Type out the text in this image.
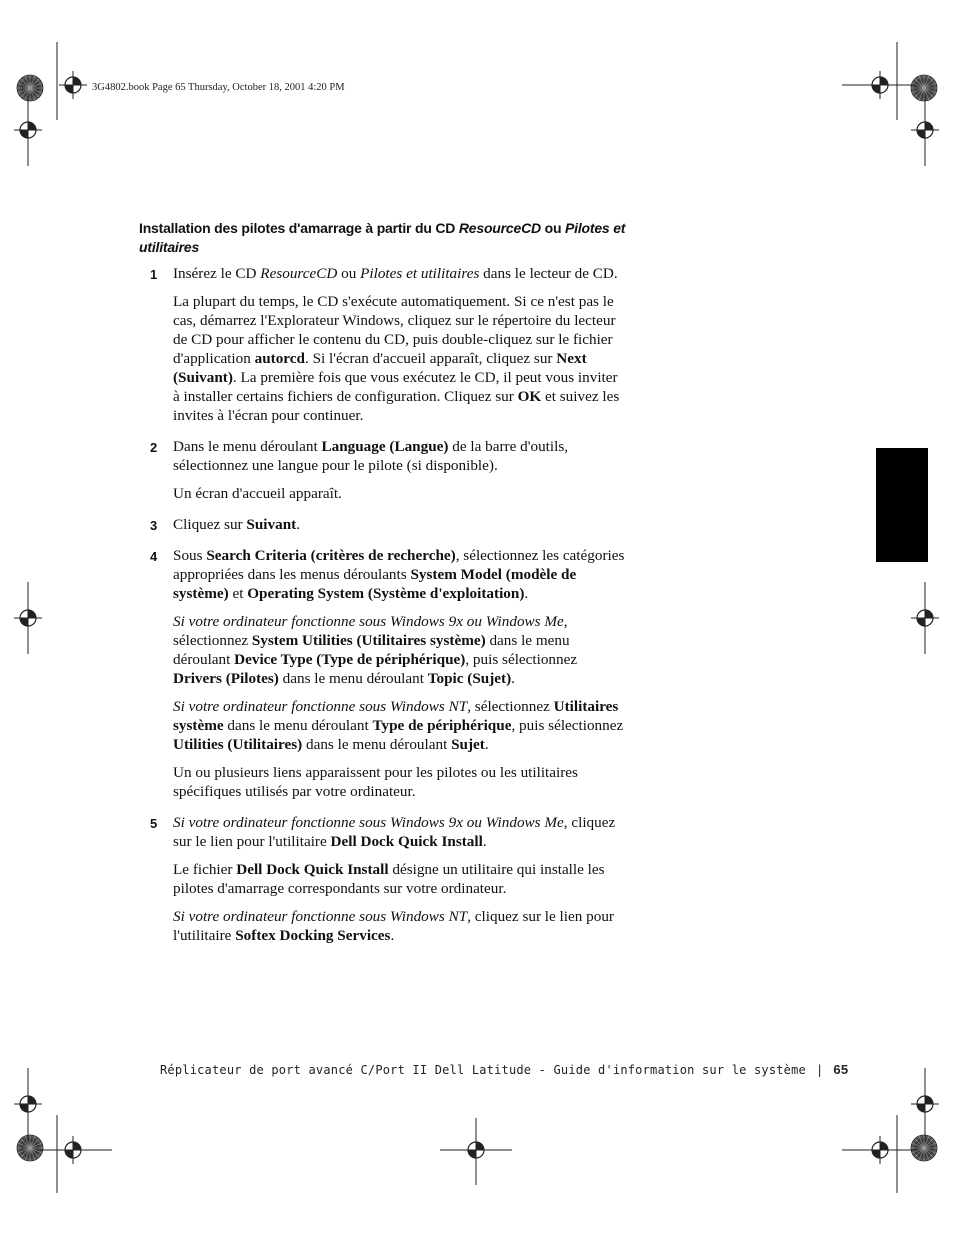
3G4802.book Page 65 Thursday, October 18, 2001 4:20 PM
Installation des pilotes d'amarrage à partir du CD ResourceCD ou Pilotes et utilitaires
1	Insérez le CD ResourceCD ou Pilotes et utilitaires dans le lecteur de CD.

La plupart du temps, le CD s'exécute automatiquement. Si ce n'est pas le cas, démarrez l'Explorateur Windows, cliquez sur le répertoire du lecteur de CD pour afficher le contenu du CD, puis double-cliquez sur le fichier d'application autorcd. Si l'écran d'accueil apparaît, cliquez sur Next (Suivant). La première fois que vous exécutez le CD, il peut vous inviter à installer certains fichiers de configuration. Cliquez sur OK et suivez les invites à l'écran pour continuer.

2	Dans le menu déroulant Language (Langue) de la barre d'outils, sélectionnez une langue pour le pilote (si disponible).

Un écran d'accueil apparaît.

3	Cliquez sur Suivant.

4	Sous Search Criteria (critères de recherche), sélectionnez les catégories appropriées dans les menus déroulants System Model (modèle de système) et Operating System (Système d'exploitation).

Si votre ordinateur fonctionne sous Windows 9x ou Windows Me, sélectionnez System Utilities (Utilitaires système) dans le menu déroulant Device Type (Type de périphérique), puis sélectionnez Drivers (Pilotes) dans le menu déroulant Topic (Sujet).

Si votre ordinateur fonctionne sous Windows NT, sélectionnez Utilitaires système dans le menu déroulant Type de périphérique, puis sélectionnez Utilities (Utilitaires) dans le menu déroulant Sujet.

Un ou plusieurs liens apparaissent pour les pilotes ou les utilitaires spécifiques utilisés par votre ordinateur.

5	Si votre ordinateur fonctionne sous Windows 9x ou Windows Me, cliquez sur le lien pour l'utilitaire Dell Dock Quick Install.

Le fichier Dell Dock Quick Install désigne un utilitaire qui installe les pilotes d'amarrage correspondants sur votre ordinateur.

Si votre ordinateur fonctionne sous Windows NT, cliquez sur le lien pour l'utilitaire Softex Docking Services.

Réplicateur de port avancé C/Port II Dell Latitude - Guide d'information sur le système | 65
